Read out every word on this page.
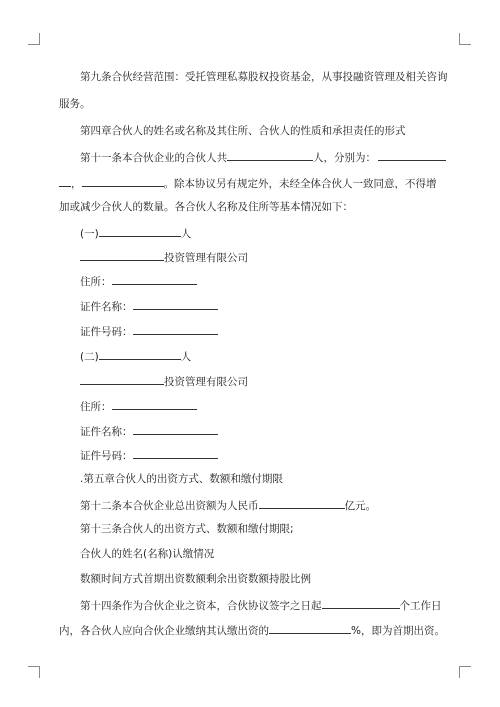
第九条合伙经营范围：受托管理私募股权投资基金，从事投融资管理及相关咨询
服务。
第四章合伙人的姓名或名称及其住所、合伙人的性质和承担责任的形式
第十一条本合伙企业的合伙人共	人，分别为：
，	。除本协议另有规定外，未经全体合伙人一致同意，不得增
加或减少合伙人的数量。各合伙人名称及住所等基本情况如下：
(一)	人
投资管理有限公司
住所：
证件名称：
证件号码：
(二)	人
投资管理有限公司
住所：
证件名称：
证件号码：
.第五章合伙人的出资方式、数额和缴付期限
第十二条本合伙企业总出资额为人民币	亿元。
第十三条合伙人的出资方式、数额和缴付期限;
合伙人的姓名(名称)认缴情况
数额时间方式首期出资数额剩余出资数额持股比例
第十四条作为合伙企业之资本，合伙协议签字之日起	个工作日
内，各合伙人应向合伙企业缴纳其认缴出资的	%，即为首期出资。
